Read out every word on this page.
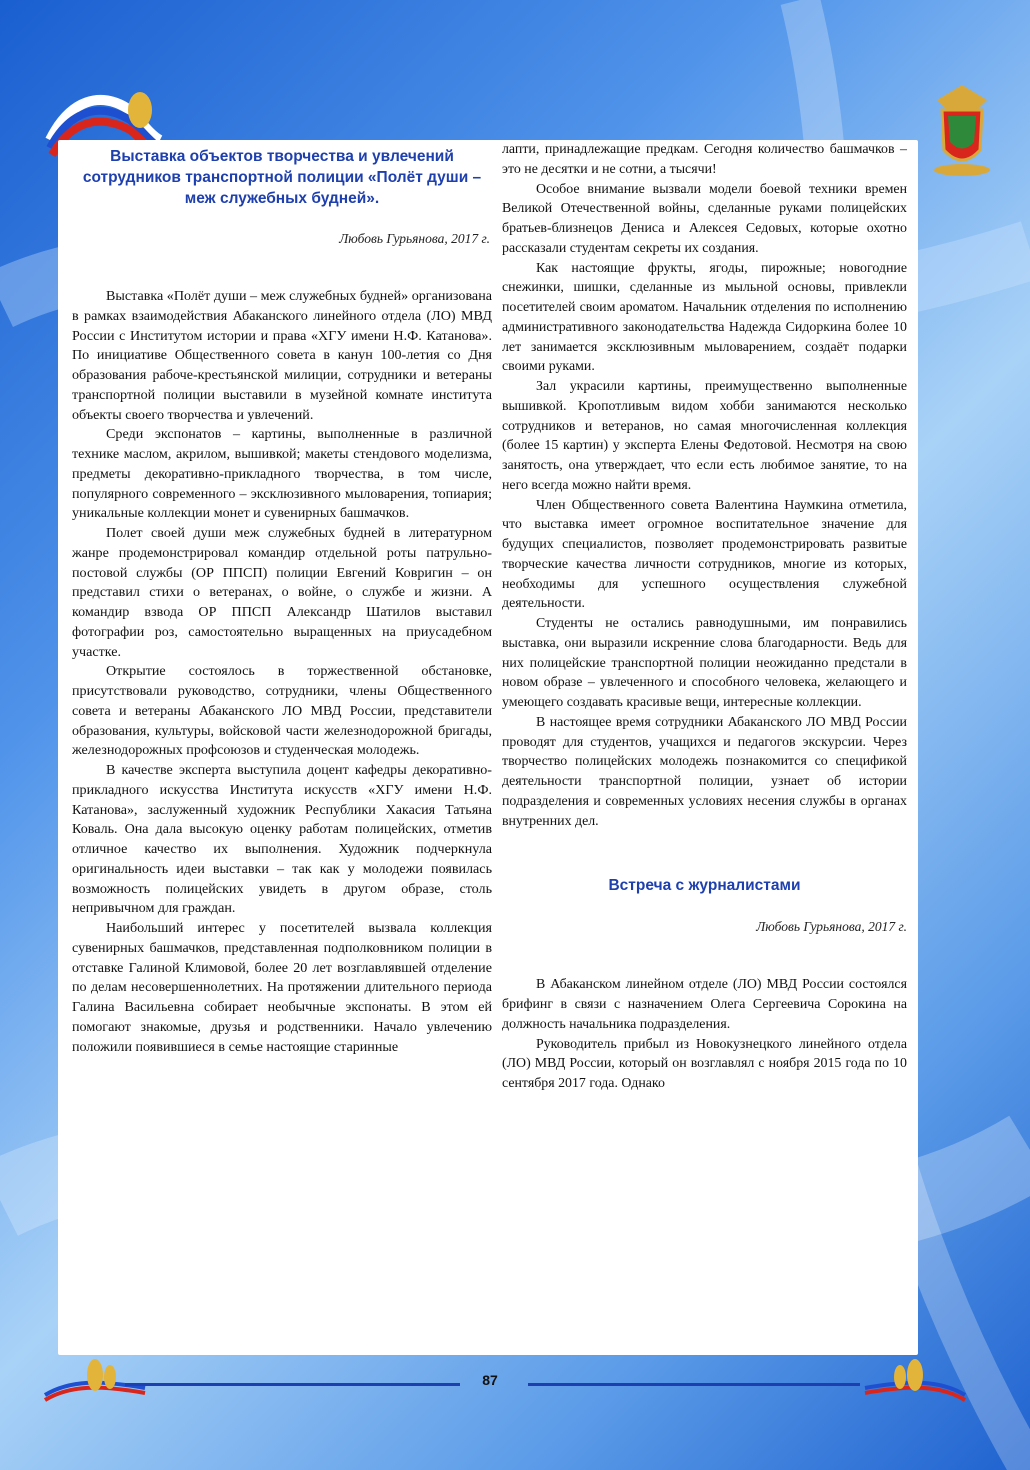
Выставка объектов творчества и увлечений сотрудников транспортной полиции «Полёт души – меж служебных будней».
Любовь Гурьянова, 2017 г.

Выставка «Полёт души – меж служебных будней» организована в рамках взаимодействия Абаканского линейного отдела (ЛО) МВД России с Институтом истории и права «ХГУ имени Н.Ф. Катанова». По инициативе Общественного совета в канун 100-летия со Дня образования рабоче-крестьянской милиции, сотрудники и ветераны транспортной полиции выставили в музейной комнате института объекты своего творчества и увлечений.

Среди экспонатов – картины, выполненные в различной технике маслом, акрилом, вышивкой; макеты стендового моделизма, предметы декоративно-прикладного творчества, в том числе, популярного современного – эксклюзивного мыловарения, топиария; уникальные коллекции монет и сувенирных башмачков.

Полет своей души меж служебных будней в литературном жанре продемонстрировал командир отдельной роты патрульно-постовой службы (ОР ППСП) полиции Евгений Ковригин – он представил стихи о ветеранах, о войне, о службе и жизни. А командир взвода ОР ППСП Александр Шатилов выставил фотографии роз, самостоятельно выращенных на приусадебном участке.

Открытие состоялось в торжественной обстановке, присутствовали руководство, сотрудники, члены Общественного совета и ветераны Абаканского ЛО МВД России, представители образования, культуры, войсковой части железнодорожной бригады, железнодорожных профсоюзов и студенческая молодежь.

В качестве эксперта выступила доцент кафедры декоративно-прикладного искусства Института искусств «ХГУ имени Н.Ф. Катанова», заслуженный художник Республики Хакасия Татьяна Коваль. Она дала высокую оценку работам полицейских, отметив отличное качество их выполнения. Художник подчеркнула оригинальность идеи выставки – так как у молодежи появилась возможность полицейских увидеть в другом образе, столь непривычном для граждан.

Наибольший интерес у посетителей вызвала коллекция сувенирных башмачков, представленная подполковником полиции в отставке Галиной Климовой, более 20 лет возглавлявшей отделение по делам несовершеннолетних. На протяжении длительного периода Галина Васильевна собирает необычные экспонаты. В этом ей помогают знакомые, друзья и родственники. Начало увлечению положили появившиеся в семье настоящие старинные

лапти, принадлежащие предкам. Сегодня количество башмачков – это не десятки и не сотни, а тысячи!

Особое внимание вызвали модели боевой техники времен Великой Отечественной войны, сделанные руками полицейских братьев-близнецов Дениса и Алексея Седовых, которые охотно рассказали студентам секреты их создания.

Как настоящие фрукты, ягоды, пирожные; новогодние снежинки, шишки, сделанные из мыльной основы, привлекли посетителей своим ароматом. Начальник отделения по исполнению административного законодательства Надежда Сидоркина более 10 лет занимается эксклюзивным мыловарением, создаёт подарки своими руками.

Зал украсили картины, преимущественно выполненные вышивкой. Кропотливым видом хобби занимаются несколько сотрудников и ветеранов, но самая многочисленная коллекция (более 15 картин) у эксперта Елены Федотовой. Несмотря на свою занятость, она утверждает, что если есть любимое занятие, то на него всегда можно найти время.

Член Общественного совета Валентина Наумкина отметила, что выставка имеет огромное воспитательное значение для будущих специалистов, позволяет продемонстрировать развитые творческие качества личности сотрудников, многие из которых, необходимы для успешного осуществления служебной деятельности.

Студенты не остались равнодушными, им понравились выставка, они выразили искренние слова благодарности. Ведь для них полицейские транспортной полиции неожиданно предстали в новом образе – увлеченного и способного человека, желающего и умеющего создавать красивые вещи, интересные коллекции.

В настоящее время сотрудники Абаканского ЛО МВД России проводят для студентов, учащихся и педагогов экскурсии. Через творчество полицейских молодежь познакомится со спецификой деятельности транспортной полиции, узнает об истории подразделения и современных условиях несения службы в органах внутренних дел.

Встреча с журналистами
Любовь Гурьянова, 2017 г.

В Абаканском линейном отделе (ЛО) МВД России состоялся брифинг в связи с назначением Олега Сергеевича Сорокина на должность начальника подразделения.

Руководитель прибыл из Новокузнецкого линейного отдела (ЛО) МВД России, который он возглавлял с ноября 2015 года по 10 сентября 2017 года. Однако

87
